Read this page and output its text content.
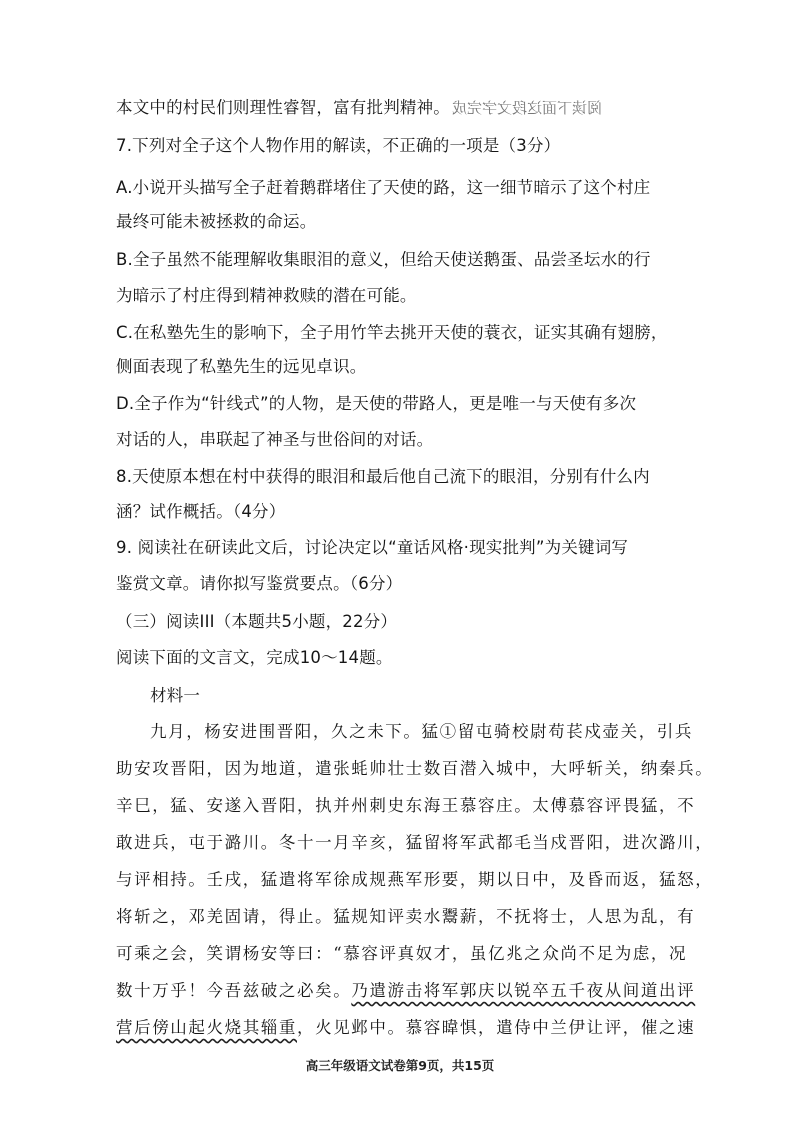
本文中的村民们则理性睿智，富有批判精神。 阅读下面这段文字完成
7.下列对全子这个人物作用的解读，不正确的一项是（3分）
A.小说开头描写全子赶着鹅群堵住了天使的路，这一细节暗示了这个村庄
最终可能未被拯救的命运。
B.全子虽然不能理解收集眼泪的意义，但给天使送鹅蛋、品尝圣坛水的行
为暗示了村庄得到精神救赎的潜在可能。
C.在私塾先生的影响下，全子用竹竿去挑开天使的蓑衣，证实其确有翅膀，
侧面表现了私塾先生的远见卓识。
D.全子作为“针线式”的人物，是天使的带路人，更是唯一与天使有多次
对话的人，串联起了神圣与世俗间的对话。
8.天使原本想在村中获得的眼泪和最后他自己流下的眼泪，分别有什么内
涵？试作概括。（4分）
9. 阅读社在研读此文后，讨论决定以“童话风格·现实批判”为关键词写
鉴赏文章。请你拟写鉴赏要点。（6分）
（三）阅读III（本题共5小题，22分）
阅读下面的文言文，完成10～14题。
材料一
九月，杨安进围晋阳，久之未下。猛①留屯骑校尉苟苌戍壶关，引兵
助安攻晋阳，因为地道，遣张蚝帅壮士数百潜入城中，大呼斩关，纳秦兵。
辛巳，猛、安遂入晋阳，执并州刺史东海王慕容庄。太傅慕容评畏猛，不
敢进兵，屯于潞川。冬十一月辛亥，猛留将军武都毛当戍晋阳，进次潞川，
与评相持。壬戌，猛遣将军徐成规燕军形要，期以日中，及昏而返，猛怒，
将斩之，邓羌固请，得止。猛规知评卖水鬻薪，不抚将士，人思为乱，有
可乘之会，笑谓杨安等曰：“慕容评真奴才，虽亿兆之众尚不足为虑，况
数十万乎！今吾兹破之必矣。乃遣游击将军郭庆以锐卒五千夜从间道出评
营后傍山起火烧其辎重，火见邺中。慕容暐惧，遣侍中兰伊让评，催之速
高三年级语文试卷第9页，共15页
